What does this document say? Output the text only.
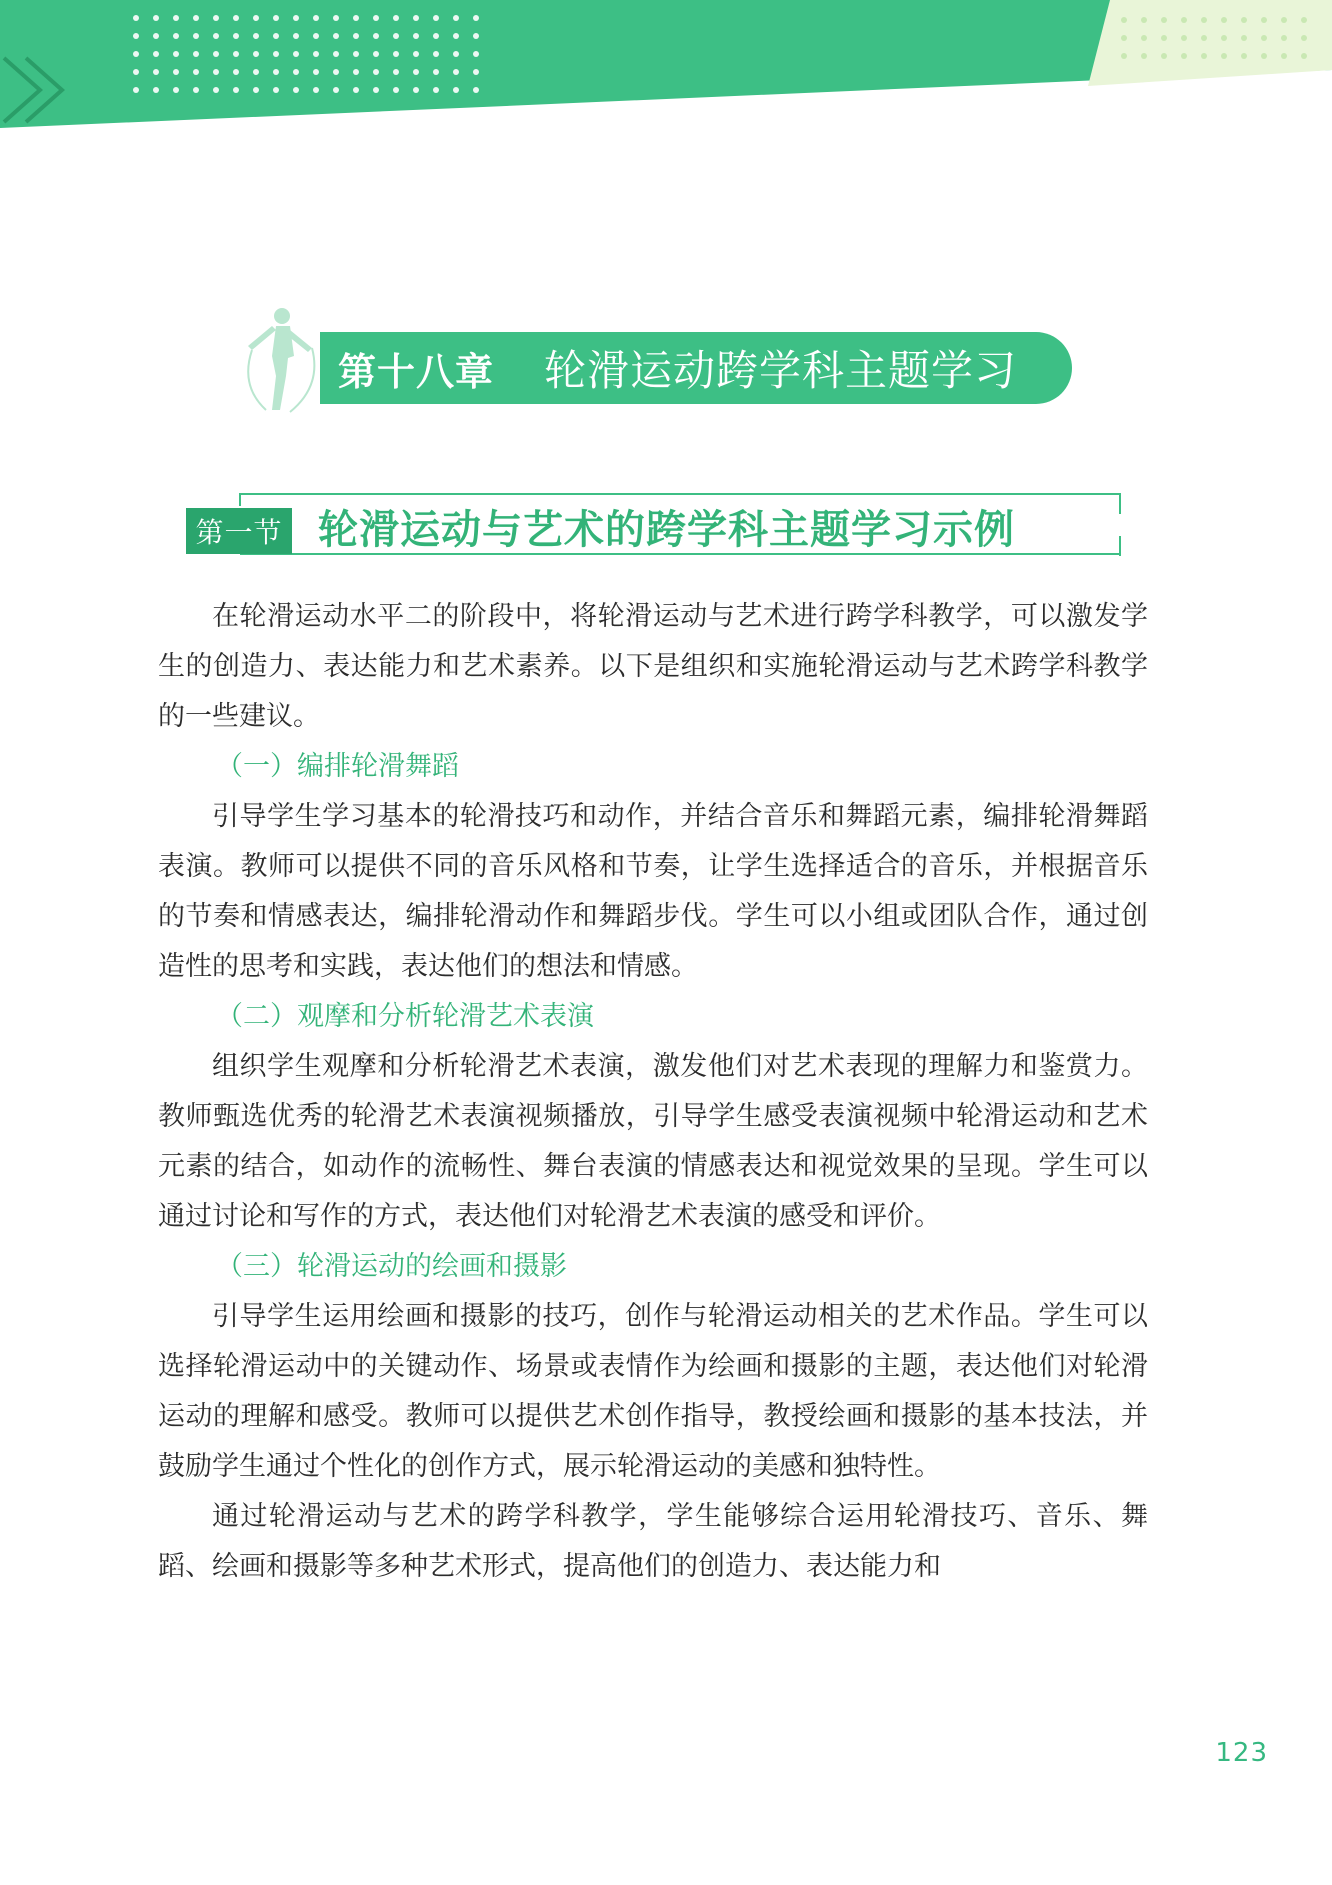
第十八章 轮滑运动跨学科主题学习
第一节 轮滑运动与艺术的跨学科主题学习示例

在轮滑运动水平二的阶段中，将轮滑运动与艺术进行跨学科教学，可以激发学生的创造力、表达能力和艺术素养。以下是组织和实施轮滑运动与艺术跨学科教学的一些建议。

（一）编排轮滑舞蹈

引导学生学习基本的轮滑技巧和动作，并结合音乐和舞蹈元素，编排轮滑舞蹈表演。教师可以提供不同的音乐风格和节奏，让学生选择适合的音乐，并根据音乐的节奏和情感表达，编排轮滑动作和舞蹈步伐。学生可以小组或团队合作，通过创造性的思考和实践，表达他们的想法和情感。

（二）观摩和分析轮滑艺术表演

组织学生观摩和分析轮滑艺术表演，激发他们对艺术表现的理解力和鉴赏力。教师甄选优秀的轮滑艺术表演视频播放，引导学生感受表演视频中轮滑运动和艺术元素的结合，如动作的流畅性、舞台表演的情感表达和视觉效果的呈现。学生可以通过讨论和写作的方式，表达他们对轮滑艺术表演的感受和评价。

（三）轮滑运动的绘画和摄影

引导学生运用绘画和摄影的技巧，创作与轮滑运动相关的艺术作品。学生可以选择轮滑运动中的关键动作、场景或表情作为绘画和摄影的主题，表达他们对轮滑运动的理解和感受。教师可以提供艺术创作指导，教授绘画和摄影的基本技法，并鼓励学生通过个性化的创作方式，展示轮滑运动的美感和独特性。

通过轮滑运动与艺术的跨学科教学，学生能够综合运用轮滑技巧、音乐、舞蹈、绘画和摄影等多种艺术形式，提高他们的创造力、表达能力和

123
